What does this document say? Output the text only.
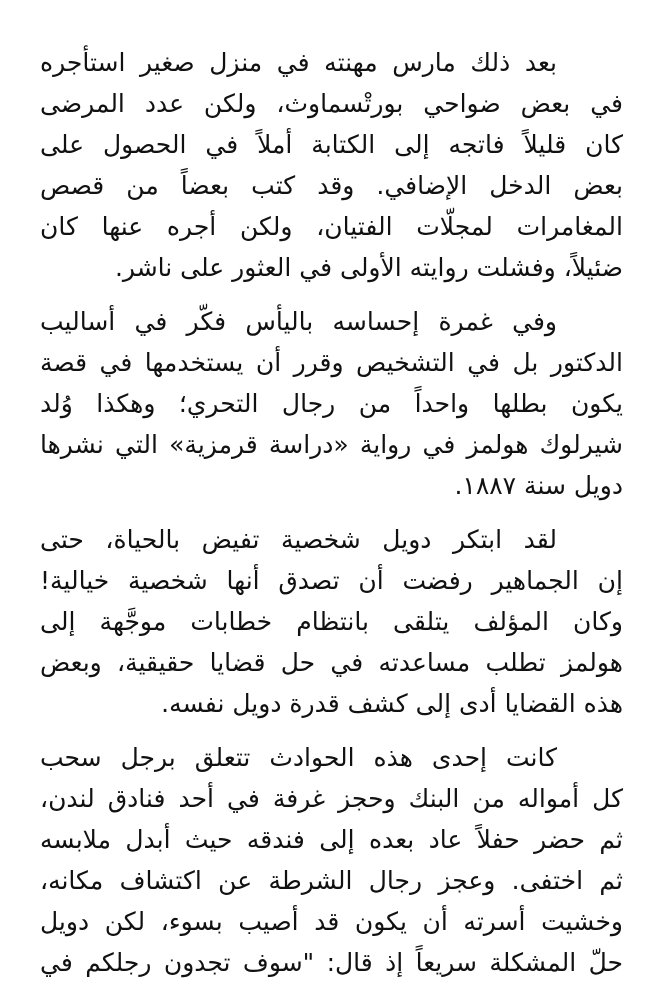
بعد ذلك مارس مهنته في منزل صغير استأجره
في بعض ضواحي بورتْسماوث، ولكن عدد المرضى
كان قليلاً فاتجه إلى الكتابة أملاً في الحصول على
بعض الدخل الإضافي. وقد كتب بعضاً من قصص
المغامرات لمجلّات الفتيان، ولكن أجره عنها كان
ضئيلاً، وفشلت روايته الأولى في العثور على ناشر.

وفي غمرة إحساسه باليأس فكّر في أساليب
الدكتور بل في التشخيص وقرر أن يستخدمها في قصة
يكون بطلها واحداً من رجال التحري؛ وهكذا وُلد
شيرلوك هولمز في رواية «دراسة قرمزية» التي نشرها
دويل سنة ١٨٨٧.

لقد ابتكر دويل شخصية تفيض بالحياة، حتى
إن الجماهير رفضت أن تصدق أنها شخصية خيالية!
وكان المؤلف يتلقى بانتظام خطابات موجَّهة إلى
هولمز تطلب مساعدته في حل قضايا حقيقية، وبعض
هذه القضايا أدى إلى كشف قدرة دويل نفسه.

كانت إحدى هذه الحوادث تتعلق برجل سحب
كل أمواله من البنك وحجز غرفة في أحد فنادق لندن،
ثم حضر حفلاً عاد بعده إلى فندقه حيث أبدل ملابسه
ثم اختفى. وعجز رجال الشرطة عن اكتشاف مكانه،
وخشيت أسرته أن يكون قد أصيب بسوء، لكن دويل
حلّ المشكلة سريعاً إذ قال: "سوف تجدون رجلكم في
